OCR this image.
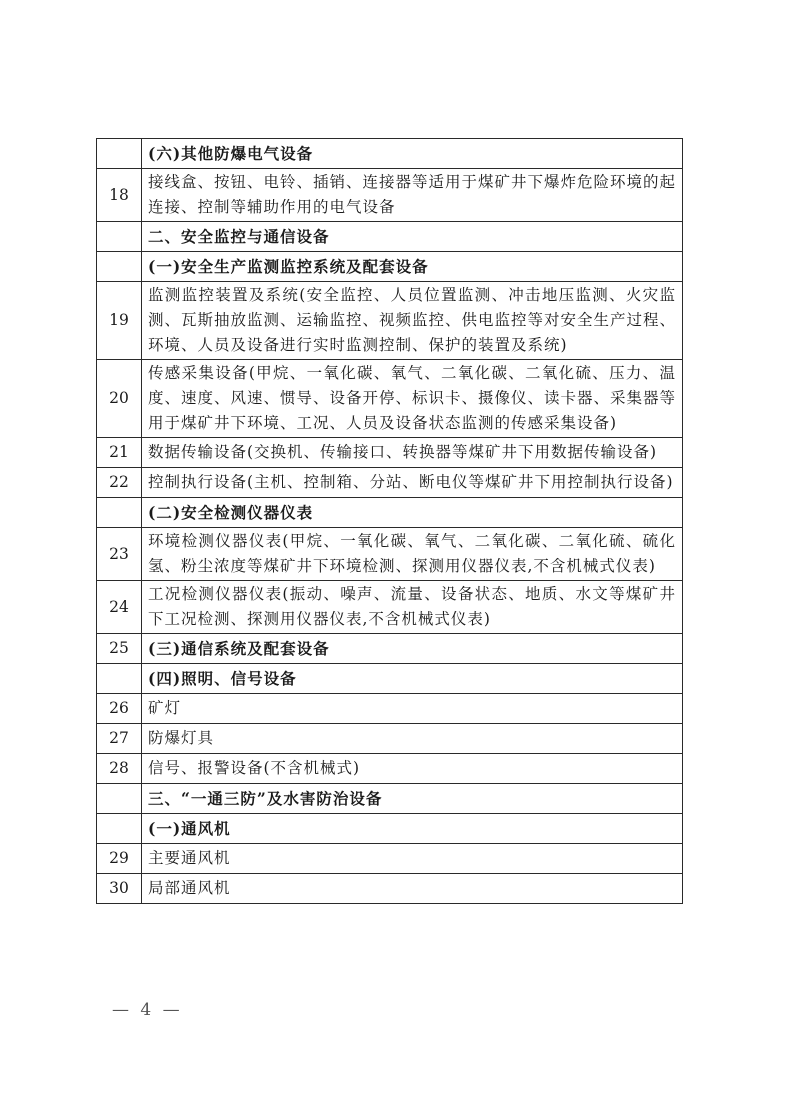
	(六)其他防爆电气设备
18	接线盒、按钮、电铃、插销、连接器等适用于煤矿井下爆炸危险环境的起连接、控制等辅助作用的电气设备
	二、安全监控与通信设备
	(一)安全生产监测监控系统及配套设备
19	监测监控装置及系统(安全监控、人员位置监测、冲击地压监测、火灾监测、瓦斯抽放监测、运输监控、视频监控、供电监控等对安全生产过程、环境、人员及设备进行实时监测控制、保护的装置及系统)
20	传感采集设备(甲烷、一氧化碳、氧气、二氧化碳、二氧化硫、压力、温度、速度、风速、惯导、设备开停、标识卡、摄像仪、读卡器、采集器等用于煤矿井下环境、工况、人员及设备状态监测的传感采集设备)
21	数据传输设备(交换机、传输接口、转换器等煤矿井下用数据传输设备)
22	控制执行设备(主机、控制箱、分站、断电仪等煤矿井下用控制执行设备)
	(二)安全检测仪器仪表
23	环境检测仪器仪表(甲烷、一氧化碳、氧气、二氧化碳、二氧化硫、硫化氢、粉尘浓度等煤矿井下环境检测、探测用仪器仪表,不含机械式仪表)
24	工况检测仪器仪表(振动、噪声、流量、设备状态、地质、水文等煤矿井下工况检测、探测用仪器仪表,不含机械式仪表)
25	(三)通信系统及配套设备
	(四)照明、信号设备
26	矿灯
27	防爆灯具
28	信号、报警设备(不含机械式)
	三、“一通三防”及水害防治设备
	(一)通风机
29	主要通风机
30	局部通风机
— 4 —
